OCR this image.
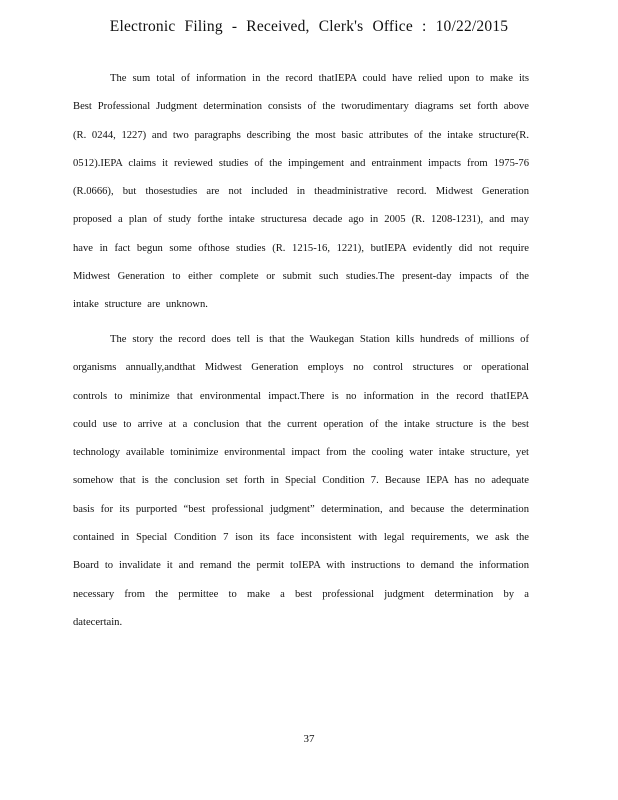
Electronic Filing - Received, Clerk's Office : 10/22/2015

The sum total of information in the record thatIEPA could have relied upon to make its Best Professional Judgment determination consists of the tworudimentary diagrams set forth above (R. 0244, 1227) and two paragraphs describing the most basic attributes of the intake structure(R. 0512).IEPA claims it reviewed studies of the impingement and entrainment impacts from 1975-76 (R.0666), but thosestudies are not included in theadministrative record. Midwest Generation proposed a plan of study forthe intake structuresa decade ago in 2005 (R. 1208-1231), and may have in fact begun some ofthose studies (R. 1215-16, 1221), butIEPA evidently did not require Midwest Generation to either complete or submit such studies.The present-day impacts of the intake structure are unknown.

The story the record does tell is that the Waukegan Station kills hundreds of millions of organisms annually,andthat Midwest Generation employs no control structures or operational controls to minimize that environmental impact.There is no information in the record thatIEPA could use to arrive at a conclusion that the current operation of the intake structure is the best technology available tominimize environmental impact from the cooling water intake structure, yet somehow that is the conclusion set forth in Special Condition 7. Because IEPA has no adequate basis for its purported “best professional judgment” determination, and because the determination contained in Special Condition 7 ison its face inconsistent with legal requirements, we ask the Board to invalidate it and remand the permit toIEPA with instructions to demand the information necessary from the permittee to make a best professional judgment determination by a datecertain.

37
